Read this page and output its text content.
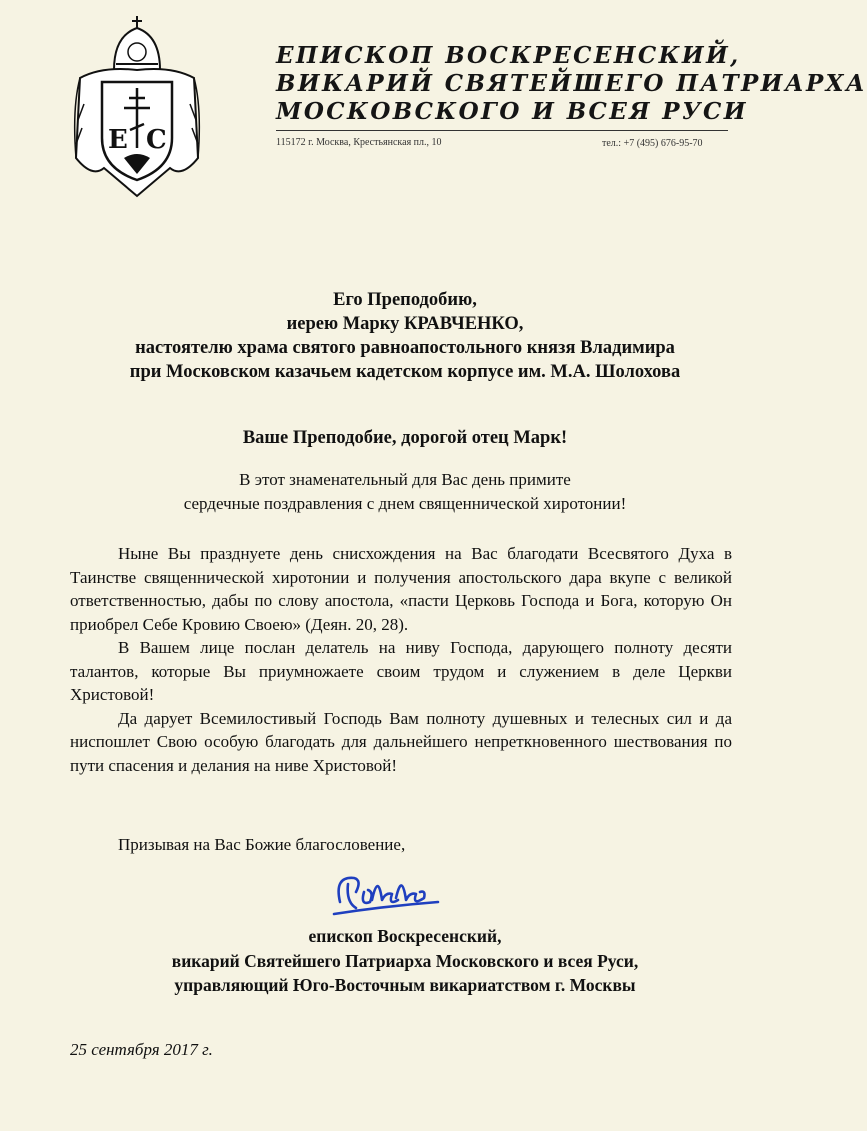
Е С
ЕПИСКОП ВОСКРЕСЕНСКИЙ,
ВИКАРИЙ СВЯТЕЙШЕГО ПАТРИАРХА
МОСКОВСКОГО И ВСЕЯ РУСИ
115172 г. Москва, Крестьянская пл., 10	тел.: +7 (495) 676-95-70
Его Преподобию,
иерею Марку КРАВЧЕНКО,
настоятелю храма святого равноапостольного князя Владимира
при Московском казачьем кадетском корпусе им. М.А. Шолохова
Ваше Преподобие, дорогой отец Марк!
В этот знаменательный для Вас день примите
сердечные поздравления с днем священнической хиротонии!

Ныне Вы празднуете день снисхождения на Вас благодати Всесвятого Духа в Таинстве священнической хиротонии и получения апостольского дара вкупе с великой ответственностью, дабы по слову апостола, «пасти Церковь Господа и Бога, которую Он приобрел Себе Кровию Своею» (Деян. 20, 28).

В Вашем лице послан делатель на ниву Господа, дарующего полноту десяти талантов, которые Вы приумножаете своим трудом и служением в деле Церкви Христовой!

Да дарует Всемилостивый Господь Вам полноту душевных и телесных сил и да ниспошлет Свою особую благодать для дальнейшего непреткновенного шествования по пути спасения и делания на ниве Христовой!

Призывая на Вас Божие благословение,
епископ Воскресенский,
викарий Святейшего Патриарха Московского и всея Руси,
управляющий Юго-Восточным викариатством г. Москвы
25 сентября 2017 г.
